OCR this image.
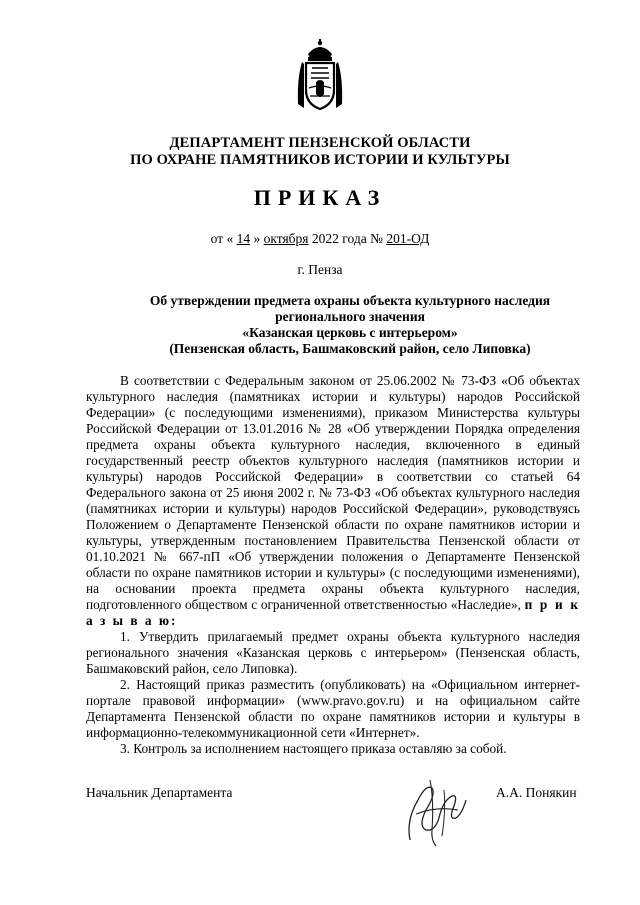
ДЕПАРТАМЕНТ ПЕНЗЕНСКОЙ ОБЛАСТИ
ПО ОХРАНЕ ПАМЯТНИКОВ ИСТОРИИ И КУЛЬТУРЫ
ПРИКАЗ
от « 14 » октября 2022 года № 201-ОД
г. Пенза
Об утверждении предмета охраны объекта культурного наследия
регионального значения
«Казанская церковь с интерьером»
(Пензенская область, Башмаковский район, село Липовка)

В соответствии с Федеральным законом от 25.06.2002 № 73-ФЗ «Об объектах культурного наследия (памятниках истории и культуры) народов Российской Федерации» (с последующими изменениями), приказом Министерства культуры Российской Федерации от 13.01.2016 № 28 «Об утверждении Порядка определения предмета охраны объекта культурного наследия, включенного в единый государственный реестр объектов культурного наследия (памятников истории и культуры) народов Российской Федерации» в соответствии со статьей 64 Федерального закона от 25 июня 2002 г. № 73-ФЗ «Об объектах культурного наследия (памятниках истории и культуры) народов Российской Федерации», руководствуясь Положением о Департаменте Пензенской области по охране памятников истории и культуры, утвержденным постановлением Правительства Пензенской области от 01.10.2021 № 667-пП «Об утверждении положения о Департаменте Пензенской области по охране памятников истории и культуры» (с последующими изменениями), на основании проекта предмета охраны объекта культурного наследия, подготовленного обществом с ограниченной ответственностью «Наследие», п р и к а з ы в а ю:

1. Утвердить прилагаемый предмет охраны объекта культурного наследия регионального значения «Казанская церковь с интерьером» (Пензенская область, Башмаковский район, село Липовка).

2. Настоящий приказ разместить (опубликовать) на «Официальном интернет-портале правовой информации» (www.pravo.gov.ru) и на официальном сайте Департамента Пензенской области по охране памятников истории и культуры в информационно-телекоммуникационной сети «Интернет».

3. Контроль за исполнением настоящего приказа оставляю за собой.

Начальник Департамента	А.А. Понякин
